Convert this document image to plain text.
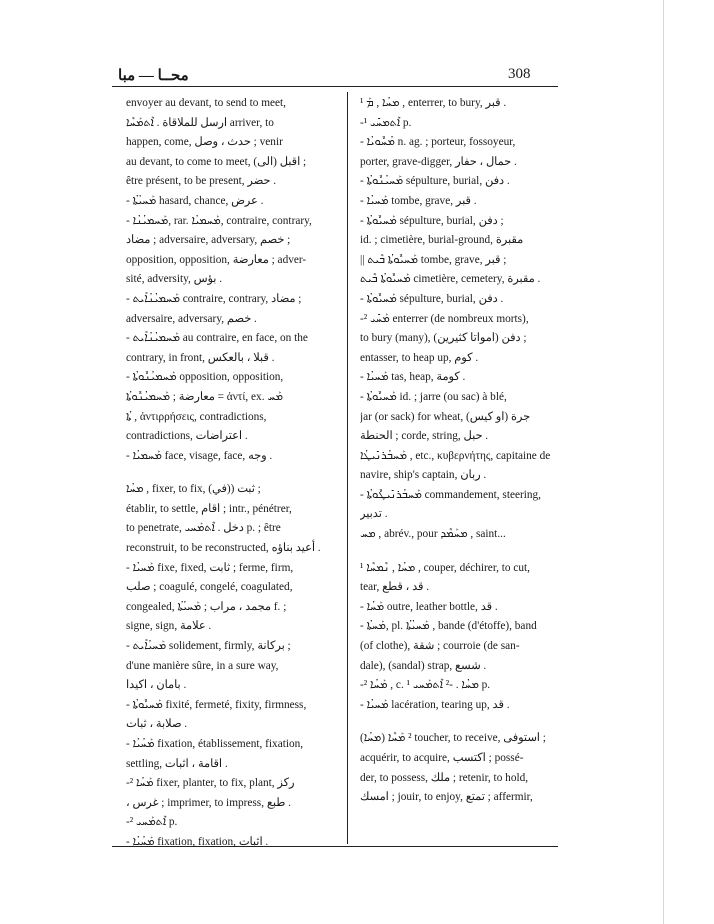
محــا — مبا	308

envoyer au devant, to send to meet,

ارسل للملاقاة . ܐܶܬܡܰܚܶܐ arriver, to

happen, come, حدث ، وصل ; venir

au devant, to come to meet, (اقبل (الى ;

être présent, to be present, حضر .

- ܡܰܚܝܳܬܳܐ hasard, chance, عرض .

- ܡܰܚܡܝܳܢܳܐ, rar. ܡܰܚܡܝܳܐ, contraire, contrary,

مضاد ; adversaire, adversary, خصم ;

opposition, opposition, معارضة ; adver-

sité, adversity, بؤس .

- ܡܰܚܡܝܳܢܳܐܺܝܬ contraire, contrary, مضاد ;

adversaire, adversary, خصم .

- ܡܰܚܡܝܳܢܳܐܺܝܬ au contraire, en face, on the

contrary, in front, قبلا ، بالعكس .

- ܡܰܚܡܝܳܢܽܘܬܳܐ opposition, opposition,

معارضة ; ܡܰܚܡܝܳܢܽܘܬܳܐ = ἀντί, ex. ܡܰܚ

ܬܳܐ , ἀντιρρήσεις, contradictions,

contradictions, اعتراضات .

- ܡܰܚܡܝܳܐ face, visage, face, وجه .

ܡܚܳܐ , fixer, to fix, (ثبت ((في ;

établir, to settle, اقام ; intr., pénétrer,

to penetrate, دخل . ܐܶܬܡܰܚܝ p. ; être

reconstruit, to be reconstructed, أعيد بناؤه .

- ܡܰܚܝܳܐ fixe, fixed, ثابت ; ferme, firm,

صلب ; coagulé, congelé, coagulated,

congealed, مجمد ، مراب ; ܡܰܚܝܳܬܳܐ f. ;

signe, sign, علامة .

- ܡܰܚܝܳܐܺܝܬ solidement, firmly, بركانة ;

d'une manière sûre, in a sure way,

بامان ، اكيدا .

- ܡܰܚܝܽܘܬܳܐ fixité, fermeté, fixity, firmness,

صلابة ، ثبات .

- ܡܰܚܳܝܳܐ fixation, établissement, fixation,

settling, اقامة ، اثبات .

-² ܡܰܚܳܐ fixer, planter, to fix, plant, ركز

، غرس ; imprimer, to impress, طبع .

-² ܐܶܬܡܰܚܝ p.

- ܡܰܚܳܝܳܐ fixation, fixation, اثبات .

¹ ܡܚܳܐ , ܡܰ , enterrer, to bury, قبر .

-¹ ܐܶܬܡܚܺܝ p.

- ܡܳܚܽܘܝܳܐ n. ag. ; porteur, fossoyeur,

porter, grave-digger, حمال ، حفار .

- ܡܰܚܝܳܢܽܘܬܳܐ sépulture, burial, دفن .

- ܡܰܚܝܳܐ tombe, grave, قبر .

- ܡܰܚܝܽܘܬܳܐ sépulture, burial, دفن ;

id. ; cimetière, burial-ground, مقبرة

|| ܡܰܚܝܽܘܬܳܐ ܒܶܝܬ tombe, grave, قبر ;

ܡܰܚܝܽܘܬܳܐ ܒܶܝܬ cimetière, cemetery, مقبرة .

- ܡܰܚܝܽܘܬܳܐ sépulture, burial, دفن .

-² ܡܰܚܺܝ enterrer (de nombreux morts),

to bury (many), (دفن (امواتا كثيرين ;

entasser, to heap up, كوم .

- ܡܰܚܝܳܐ tas, heap, كومة .

- ܡܰܚܝܽܘܬܳܐ id. ; jarre (ou sac) à blé,

jar (or sack) for wheat, (جرة (او كيس

الحنطة ; corde, string, حبل .

ܡܰܚܒܳܪܢܺܝܛܳܐ , etc., κυβερνήτης, capitaine de

navire, ship's captain, ربان .

- ܡܰܚܒܳܪܢܺܝܛܽܘܬܳܐ commandement, steering,

تدبير .

ܡܚ , abrév., pour ܡܚܰܡܶܕ , saint...

¹ ܡܚܳܐ , ܢܶܡܚܶܐ , couper, déchirer, to cut,

tear, قد ، قطع .

- ܡܰܚܳܐ outre, leather bottle, قد .

- ܡܰܚܬܳܐ, pl. ܡܰܚܝܳܬܳܐ , bande (d'étoffe), band

(of clothe), شقة ; courroie (de san-

dale), (sandal) strap, شسع .

-² ܡܰܚܳܐ , c. ¹ ܡܚܳܐ . -² ܐܶܬܡܰܚܝ p.

- ܡܰܚܝܳܐ lacération, tearing up, قد .

(ܡܚܳܐ) ² ܡܰܚܶܐ toucher, to receive, استوفى ;

acquérir, to acquire, اكتسب ; possé-

der, to possess, ملك ; retenir, to hold,

امسك ; jouir, to enjoy, تمتع ; affermir,
